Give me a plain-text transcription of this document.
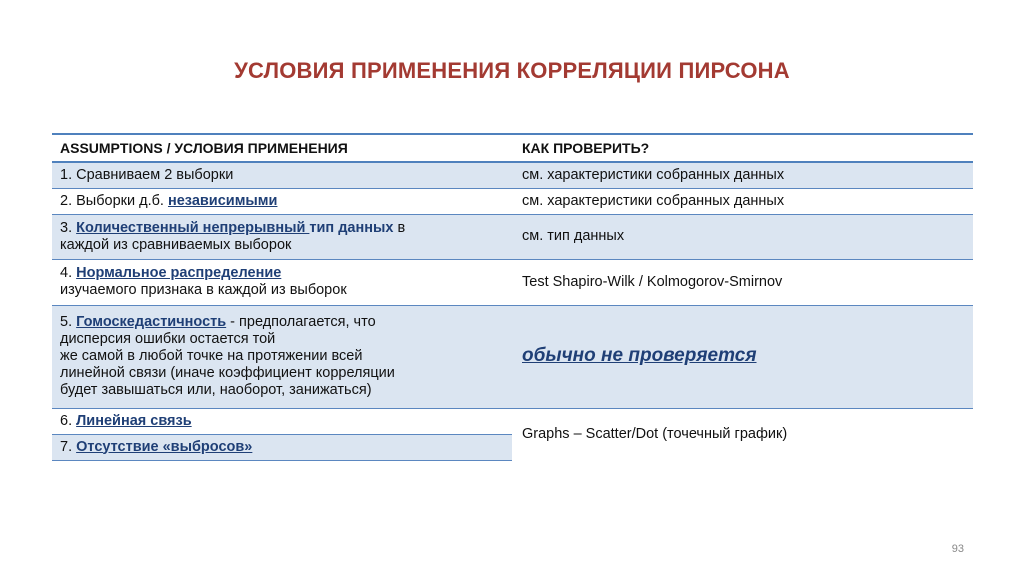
УСЛОВИЯ ПРИМЕНЕНИЯ КОРРЕЛЯЦИИ ПИРСОНА
ASSUMPTIONS / УСЛОВИЯ ПРИМЕНЕНИЯ	КАК ПРОВЕРИТЬ?
1. Сравниваем 2 выборки	см. характеристики собранных данных
2. Выборки д.б. независимыми	см. характеристики собранных данных
3. Количественный непрерывный тип данных в
каждой из сравниваемых выборок	см. тип данных
4. Нормальное распределение
изучаемого признака в каждой из выборок	Test Shapiro-Wilk / Kolmogorov-Smirnov
5. Гомоскедастичность - предполагается, что
дисперсия ошибки остается той
же самой в любой точке на протяжении всей
линейной связи (иначе коэффициент корреляции
будет завышаться или, наоборот, занижаться)	обычно не проверяется
6. Линейная связь	Graphs – Scatter/Dot (точечный график)
7. Отсутствие «выбросов»	
93
